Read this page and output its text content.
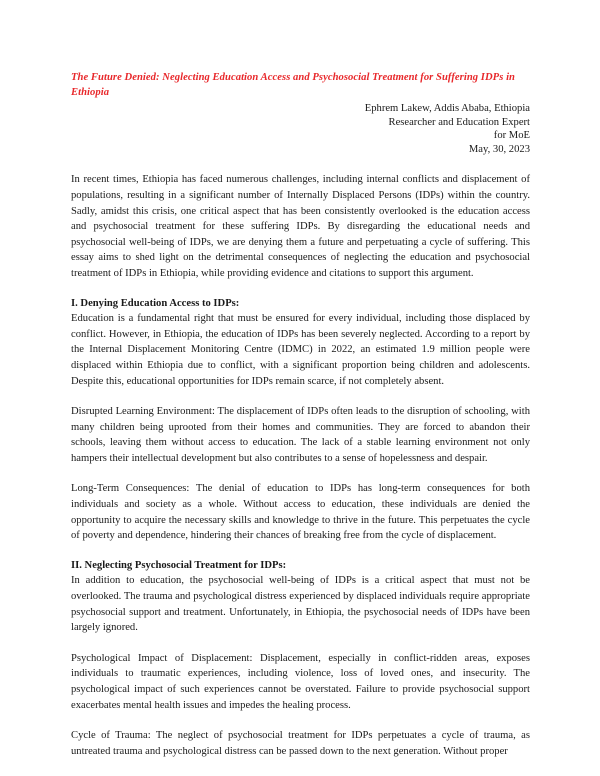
The Future Denied: Neglecting Education Access and Psychosocial Treatment for Suffering IDPs in Ethiopia
Ephrem Lakew, Addis Ababa, Ethiopia
Researcher and Education Expert
for MoE
May, 30, 2023

In recent times, Ethiopia has faced numerous challenges, including internal conflicts and displacement of populations, resulting in a significant number of Internally Displaced Persons (IDPs) within the country. Sadly, amidst this crisis, one critical aspect that has been consistently overlooked is the education access and psychosocial treatment for these suffering IDPs. By disregarding the educational needs and psychosocial well-being of IDPs, we are denying them a future and perpetuating a cycle of suffering. This essay aims to shed light on the detrimental consequences of neglecting the education and psychosocial treatment of IDPs in Ethiopia, while providing evidence and citations to support this argument.

I. Denying Education Access to IDPs:

Education is a fundamental right that must be ensured for every individual, including those displaced by conflict. However, in Ethiopia, the education of IDPs has been severely neglected. According to a report by the Internal Displacement Monitoring Centre (IDMC) in 2022, an estimated 1.9 million people were displaced within Ethiopia due to conflict, with a significant proportion being children and adolescents. Despite this, educational opportunities for IDPs remain scarce, if not completely absent.

Disrupted Learning Environment: The displacement of IDPs often leads to the disruption of schooling, with many children being uprooted from their homes and communities. They are forced to abandon their schools, leaving them without access to education. The lack of a stable learning environment not only hampers their intellectual development but also contributes to a sense of hopelessness and despair.

Long-Term Consequences: The denial of education to IDPs has long-term consequences for both individuals and society as a whole. Without access to education, these individuals are denied the opportunity to acquire the necessary skills and knowledge to thrive in the future. This perpetuates the cycle of poverty and dependence, hindering their chances of breaking free from the cycle of displacement.

II. Neglecting Psychosocial Treatment for IDPs:

In addition to education, the psychosocial well-being of IDPs is a critical aspect that must not be overlooked. The trauma and psychological distress experienced by displaced individuals require appropriate psychosocial support and treatment. Unfortunately, in Ethiopia, the psychosocial needs of IDPs have been largely ignored.

Psychological Impact of Displacement: Displacement, especially in conflict-ridden areas, exposes individuals to traumatic experiences, including violence, loss of loved ones, and insecurity. The psychological impact of such experiences cannot be overstated. Failure to provide psychosocial support exacerbates mental health issues and impedes the healing process.

Cycle of Trauma: The neglect of psychosocial treatment for IDPs perpetuates a cycle of trauma, as untreated trauma and psychological distress can be passed down to the next generation. Without proper
